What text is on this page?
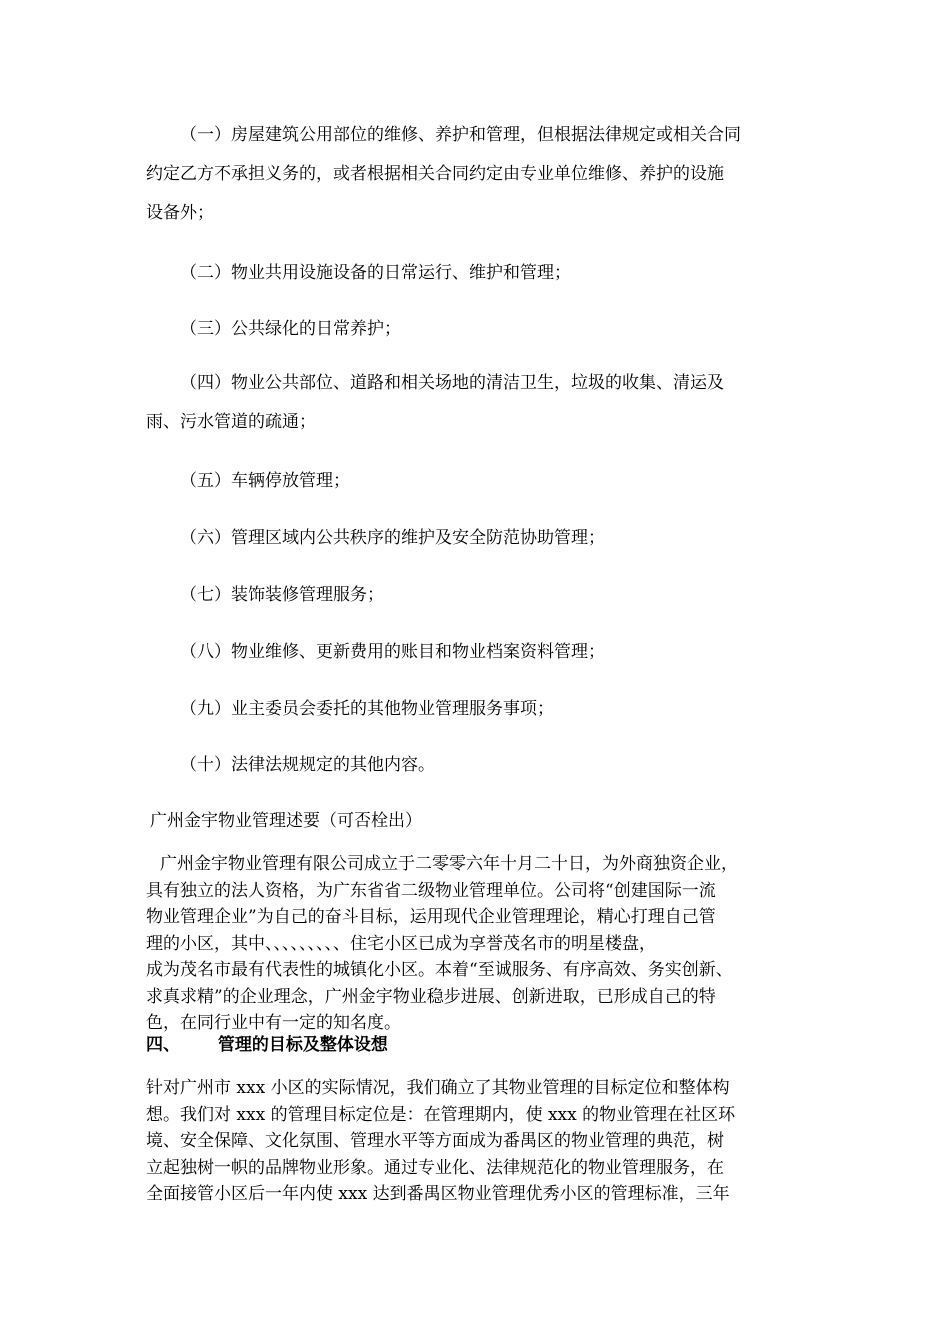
（一）房屋建筑公用部位的维修、养护和管理，但根据法律规定或相关合同
约定乙方不承担义务的，或者根据相关合同约定由专业单位维修、养护的设施
设备外；

（二）物业共用设施设备的日常运行、维护和管理；

（三）公共绿化的日常养护；

（四）物业公共部位、道路和相关场地的清洁卫生，垃圾的收集、清运及
雨、污水管道的疏通；

（五）车辆停放管理；

（六）管理区域内公共秩序的维护及安全防范协助管理；

（七）装饰装修管理服务；

（八）物业维修、更新费用的账目和物业档案资料管理；

（九）业主委员会委托的其他物业管理服务事项；

（十）法律法规规定的其他内容。

广州金宇物业管理述要（可否栓出）

广州金宇物业管理有限公司成立于二零零六年十月二十日，为外商独资企业，
具有独立的法人资格，为广东省省二级物业管理单位。公司将“创建国际一流
物业管理企业”为自己的奋斗目标，运用现代企业管理理论，精心打理自己管
理的小区，其中、、、、、、、、、住宅小区已成为享誉茂名市的明星楼盘，
成为茂名市最有代表性的城镇化小区。本着“至诚服务、有序高效、务实创新、
求真求精”的企业理念，广州金宇物业稳步进展、创新进取，已形成自己的特
色，在同行业中有一定的知名度。
四、 管理的目标及整体设想
针对广州市 xxx 小区的实际情况，我们确立了其物业管理的目标定位和整体构
想。我们对 xxx 的管理目标定位是：在管理期内，使 xxx 的物业管理在社区环
境、安全保障、文化氛围、管理水平等方面成为番禺区的物业管理的典范，树
立起独树一帜的品牌物业形象。通过专业化、法律规范化的物业管理服务，在
全面接管小区后一年内使 xxx 达到番禺区物业管理优秀小区的管理标准，三年
